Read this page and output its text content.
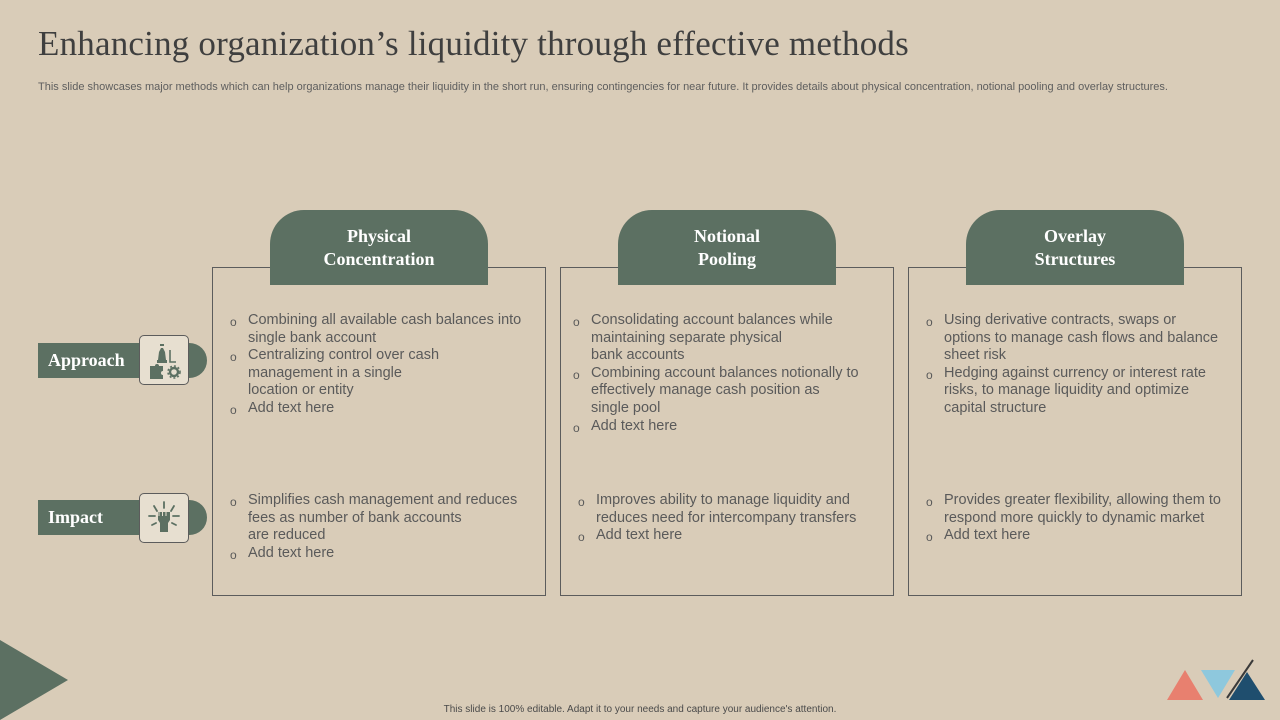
Enhancing organization’s liquidity through effective methods

This slide showcases major methods which can help organizations manage their liquidity in the short run, ensuring contingencies for near future. It provides details about physical concentration, notional pooling and overlay structures.

Physical
Concentration
Notional
Pooling
Overlay
Structures
o Combining all available cash balances into
single bank account
o Centralizing control over cash
management in a single
location or entity
o Add text here
o Consolidating account balances while
maintaining separate physical
bank accounts
o Combining account balances notionally to
effectively manage cash position as
single pool
o Add text here
o Using derivative contracts, swaps or
options to manage cash flows and balance
sheet risk
o Hedging against currency or interest rate
risks, to manage liquidity and optimize
capital structure
o Simplifies cash management and reduces
fees as number of bank accounts
are reduced
o Add text here
o Improves ability to manage liquidity and
reduces need for intercompany transfers
o Add text here
o Provides greater flexibility, allowing them to
respond more quickly to dynamic market
o Add text here
Approach
Impact
This slide is 100% editable. Adapt it to your needs and capture your audience's attention.
